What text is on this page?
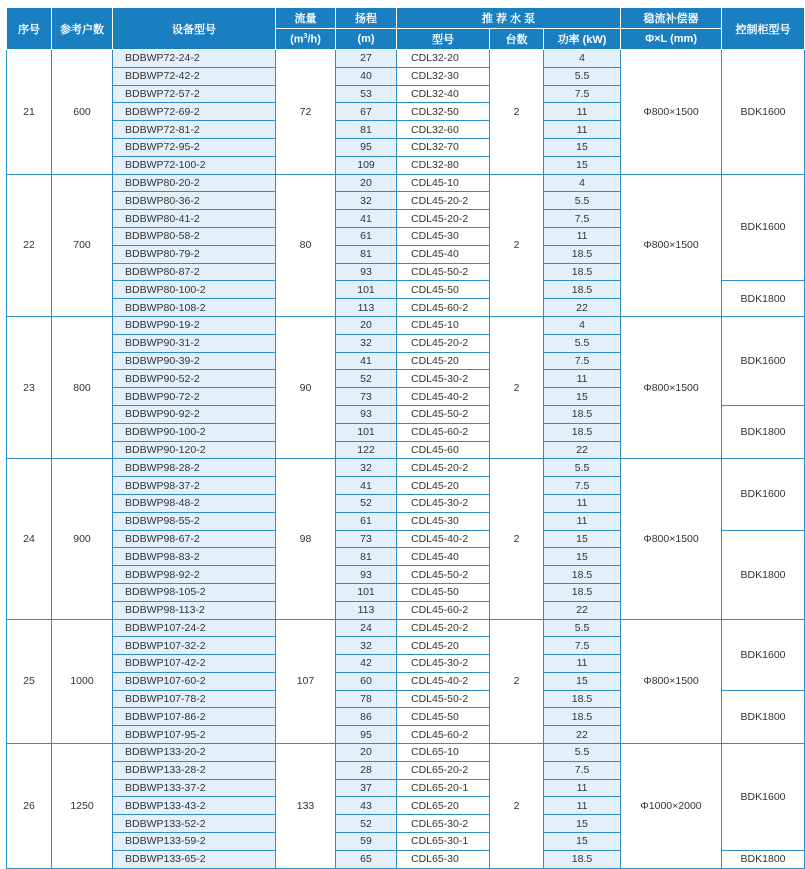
序号	参考户数	设备型号	流量	扬程	推 荐 水 泵			稳流补偿器	控制柜型号
			$(m^3/h)$	(m)	型号	台数	功率 (kW)	Φ×L (mm)	
21	600	BDBWP72-24-2	72	27	CDL32-20	2	4	Φ800×1500	BDK1600
		BDBWP72-42-2		40	CDL32-30		5.5		
		BDBWP72-57-2		53	CDL32-40		7.5		
		BDBWP72-69-2		67	CDL32-50		11		
		BDBWP72-81-2		81	CDL32-60		11		
		BDBWP72-95-2		95	CDL32-70		15		
		BDBWP72-100-2		109	CDL32-80		15		
22	700	BDBWP80-20-2	80	20	CDL45-10	2	4	Φ800×1500	BDK1600
		BDBWP80-36-2		32	CDL45-20-2		5.5		
		BDBWP80-41-2		41	CDL45-20-2		7.5		
		BDBWP80-58-2		61	CDL45-30		11		
		BDBWP80-79-2		81	CDL45-40		18.5		
		BDBWP80-87-2		93	CDL45-50-2		18.5		
		BDBWP80-100-2		101	CDL45-50		18.5		BDK1800
		BDBWP80-108-2		113	CDL45-60-2		22		
23	800	BDBWP90-19-2	90	20	CDL45-10	2	4	Φ800×1500	BDK1600
		BDBWP90-31-2		32	CDL45-20-2		5.5		
		BDBWP90-39-2		41	CDL45-20		7.5		
		BDBWP90-52-2		52	CDL45-30-2		11		
		BDBWP90-72-2		73	CDL45-40-2		15		
		BDBWP90-92-2		93	CDL45-50-2		18.5		BDK1800
		BDBWP90-100-2		101	CDL45-60-2		18.5		
		BDBWP90-120-2		122	CDL45-60		22		
24	900	BDBWP98-28-2	98	32	CDL45-20-2	2	5.5	Φ800×1500	BDK1600
		BDBWP98-37-2		41	CDL45-20		7.5		
		BDBWP98-48-2		52	CDL45-30-2		11		
		BDBWP98-55-2		61	CDL45-30		11		
		BDBWP98-67-2		73	CDL45-40-2		15		BDK1800
		BDBWP98-83-2		81	CDL45-40		15		
		BDBWP98-92-2		93	CDL45-50-2		18.5		
		BDBWP98-105-2		101	CDL45-50		18.5		
		BDBWP98-113-2		113	CDL45-60-2		22		
25	1000	BDBWP107-24-2	107	24	CDL45-20-2	2	5.5	Φ800×1500	BDK1600
		BDBWP107-32-2		32	CDL45-20		7.5		
		BDBWP107-42-2		42	CDL45-30-2		11		
		BDBWP107-60-2		60	CDL45-40-2		15		
		BDBWP107-78-2		78	CDL45-50-2		18.5		BDK1800
		BDBWP107-86-2		86	CDL45-50		18.5		
		BDBWP107-95-2		95	CDL45-60-2		22		
26	1250	BDBWP133-20-2	133	20	CDL65-10	2	5.5	Φ1000×2000	BDK1600
		BDBWP133-28-2		28	CDL65-20-2		7.5		
		BDBWP133-37-2		37	CDL65-20-1		11		
		BDBWP133-43-2		43	CDL65-20		11		
		BDBWP133-52-2		52	CDL65-30-2		15		
		BDBWP133-59-2		59	CDL65-30-1		15		
		BDBWP133-65-2		65	CDL65-30		18.5		BDK1800
